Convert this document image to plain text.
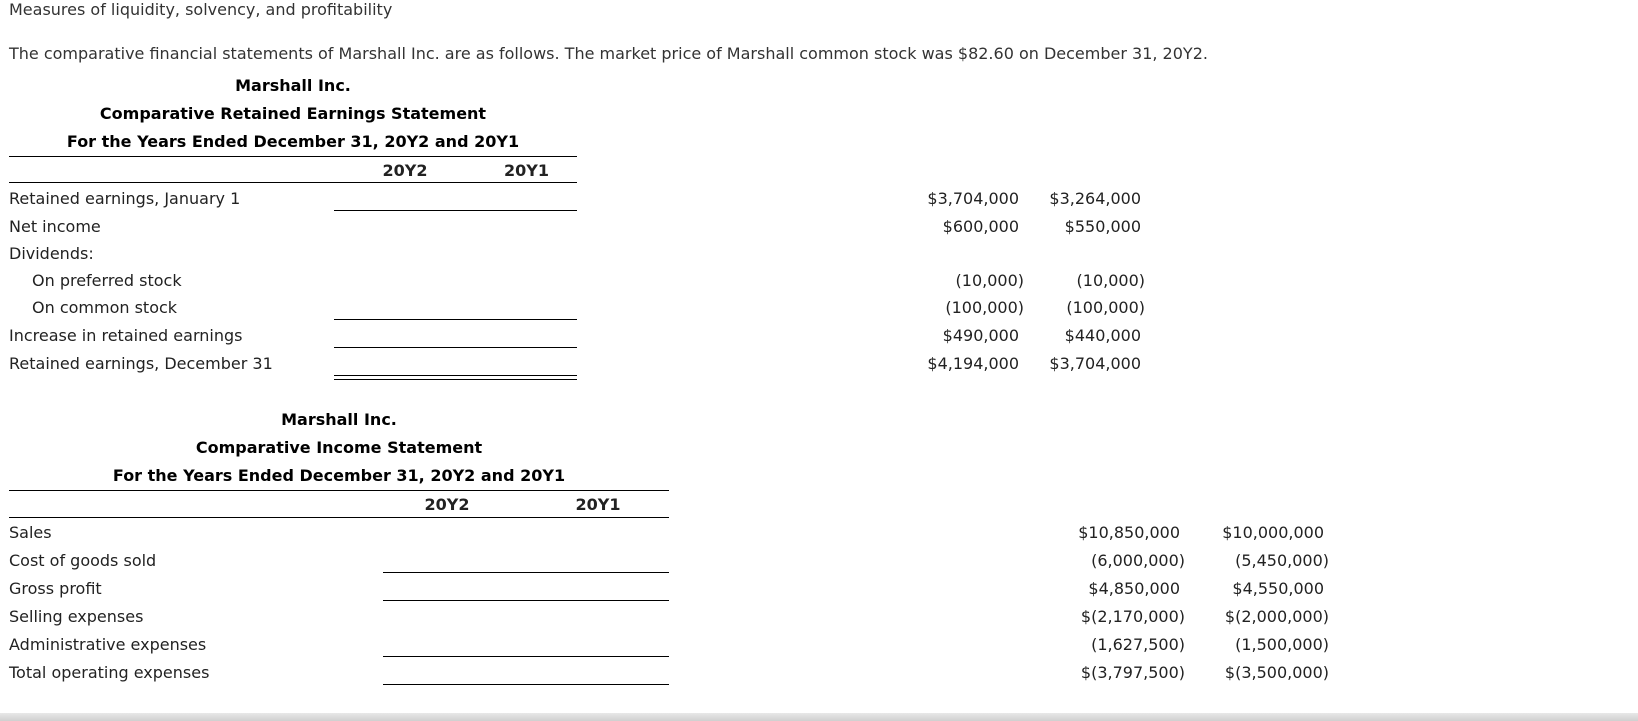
Measures of liquidity, solvency, and profitability
The comparative financial statements of Marshall Inc. are as follows. The market price of Marshall common stock was $82.60 on December 31, 20Y2.
Marshall Inc.
Comparative Retained Earnings Statement
For the Years Ended December 31, 20Y2 and 20Y1
20Y2	20Y1
Retained earnings, January 1	$3,704,000 $3,264,000
Net income	$600,000	$550,000
Dividends:
On preferred stock	(10,000)	(10,000)
On common stock	(100,000)	(100,000)
Increase in retained earnings	$490,000	$440,000
Retained earnings, December 31	$4,194,000 $3,704,000
Marshall Inc.
Comparative Income Statement
For the Years Ended December 31, 20Y2 and 20Y1
20Y2	20Y1
Sales	$10,850,000	$10,000,000
Cost of goods sold	(6,000,000)	(5,450,000)
Gross profit	$4,850,000	$4,550,000
Selling expenses	$(2,170,000) $(2,000,000)
Administrative expenses	(1,627,500)	(1,500,000)
Total operating expenses	$(3,797,500) $(3,500,000)
